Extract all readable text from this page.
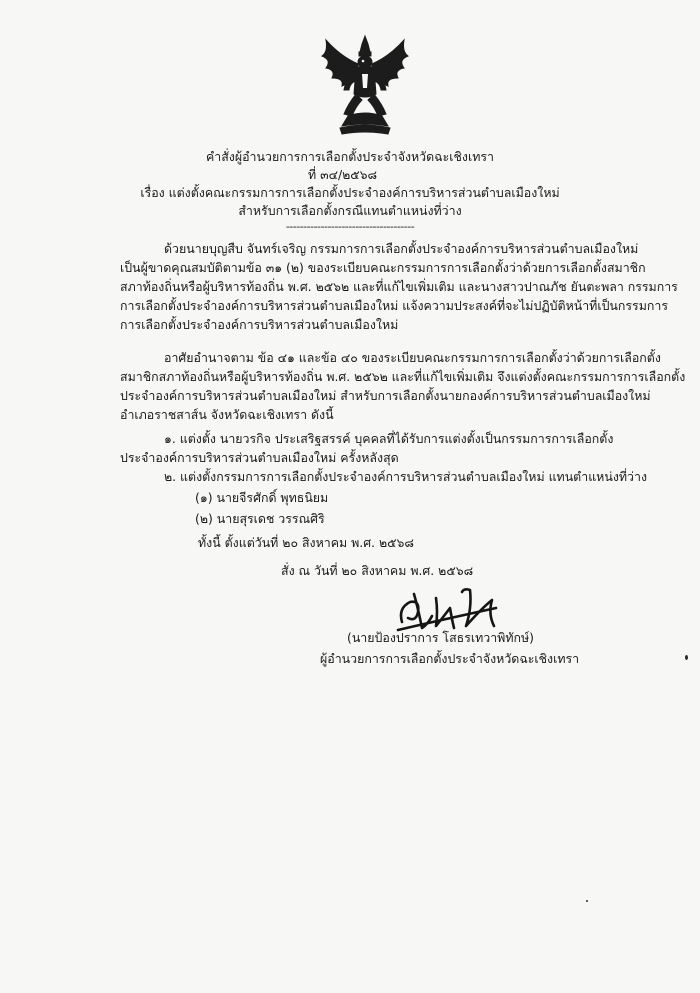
คำสั่งผู้อำนวยการการเลือกตั้งประจำจังหวัดฉะเชิงเทรา
ที่ ๓๔/๒๕๖๘
เรื่อง แต่งตั้งคณะกรรมการการเลือกตั้งประจำองค์การบริหารส่วนตำบลเมืองใหม่
สำหรับการเลือกตั้งกรณีแทนตำแหน่งที่ว่าง
-------------------------------------
ด้วยนายบุญสืบ จันทร์เจริญ กรรมการการเลือกตั้งประจำองค์การบริหารส่วนตำบลเมืองใหม่
เป็นผู้ขาดคุณสมบัติตามข้อ ๓๑ (๒) ของระเบียบคณะกรรมการการเลือกตั้งว่าด้วยการเลือกตั้งสมาชิก
สภาท้องถิ่นหรือผู้บริหารท้องถิ่น พ.ศ. ๒๕๖๒ และที่แก้ไขเพิ่มเติม และนางสาวปาณภัช ยันตะพลา กรรมการ
การเลือกตั้งประจำองค์การบริหารส่วนตำบลเมืองใหม่ แจ้งความประสงค์ที่จะไม่ปฏิบัติหน้าที่เป็นกรรมการ
การเลือกตั้งประจำองค์การบริหารส่วนตำบลเมืองใหม่
อาศัยอำนาจตาม ข้อ ๔๑ และข้อ ๔๐ ของระเบียบคณะกรรมการการเลือกตั้งว่าด้วยการเลือกตั้ง
สมาชิกสภาท้องถิ่นหรือผู้บริหารท้องถิ่น พ.ศ. ๒๕๖๒ และที่แก้ไขเพิ่มเติม จึงแต่งตั้งคณะกรรมการการเลือกตั้ง
ประจำองค์การบริหารส่วนตำบลเมืองใหม่ สำหรับการเลือกตั้งนายกองค์การบริหารส่วนตำบลเมืองใหม่
อำเภอราชสาส์น จังหวัดฉะเชิงเทรา ดังนี้
๑. แต่งตั้ง นายวรกิจ ประเสริฐสรรค์ บุคคลที่ได้รับการแต่งตั้งเป็นกรรมการการเลือกตั้ง
ประจำองค์การบริหารส่วนตำบลเมืองใหม่ ครั้งหลังสุด
๒. แต่งตั้งกรรมการการเลือกตั้งประจำองค์การบริหารส่วนตำบลเมืองใหม่ แทนตำแหน่งที่ว่าง
(๑) นายจีรศักดิ์ พุทธนิยม
(๒) นายสุรเดช วรรณศิริ
ทั้งนี้ ตั้งแต่วันที่ ๒๐ สิงหาคม พ.ศ. ๒๕๖๘
สั่ง ณ วันที่ ๒๐ สิงหาคม พ.ศ. ๒๕๖๘
(นายป้องปราการ โสธรเทวาพิทักษ์)
ผู้อำนวยการการเลือกตั้งประจำจังหวัดฉะเชิงเทรา
